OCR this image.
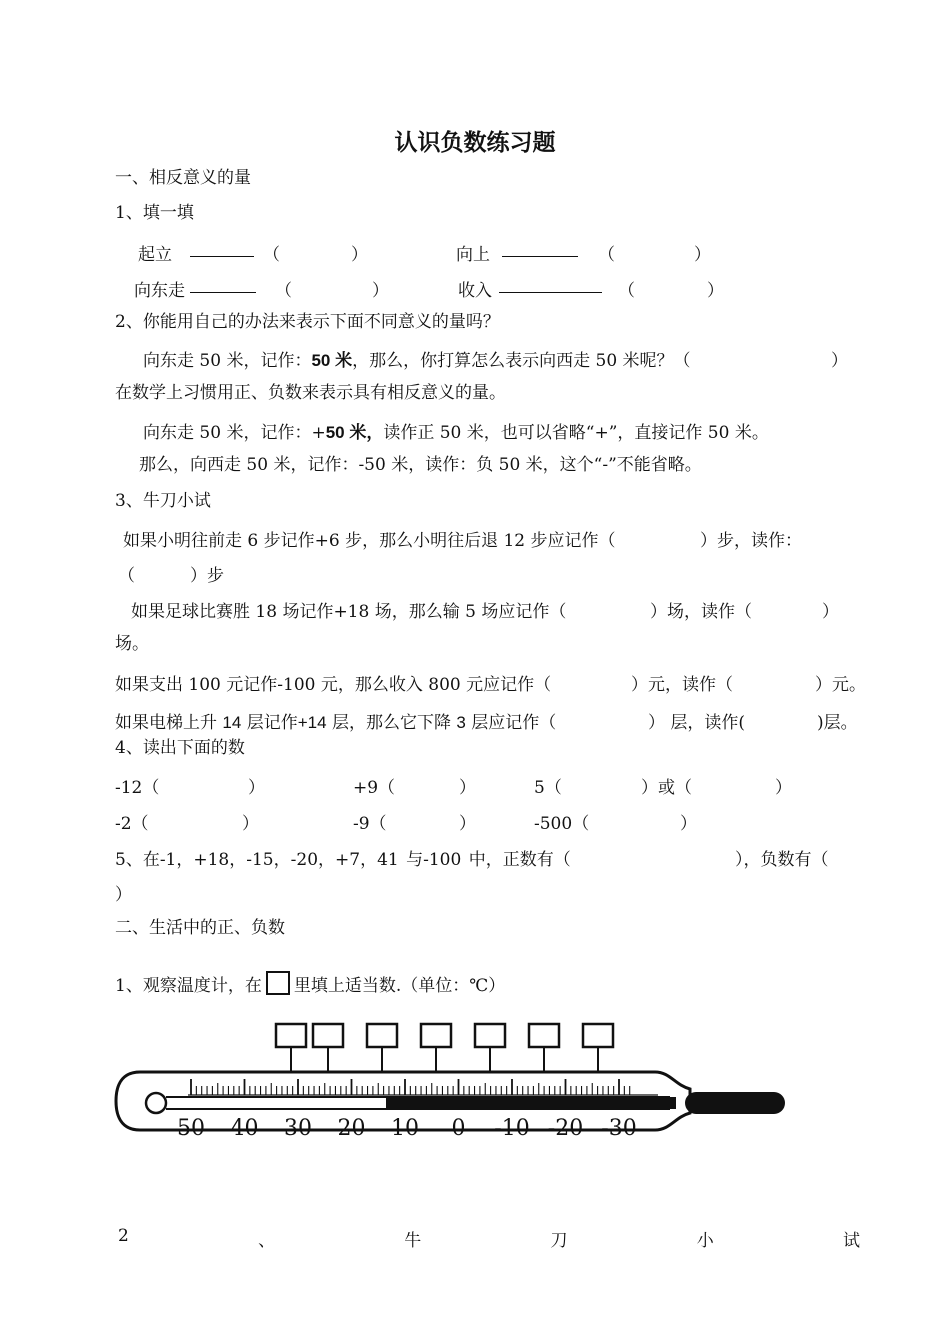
认识负数练习题
一、相反意义的量
1、填一填
起立	（	）	向上	（	）
向东走	（	）	收入	（	）
2、你能用自己的办法来表示下面不同意义的量吗？
向东走 50 米，记作：50 米，那么，你打算怎么表示向西走 50 米呢？（	）
在数学上习惯用正、负数来表示具有相反意义的量。
向东走 50 米，记作：+50 米，读作正 50 米，也可以省略“+”，直接记作 50 米。
那么，向西走 50 米，记作：-50 米，读作：负 50 米，这个“-”不能省略。
3、牛刀小试
如果小明往前走 6 步记作+6 步，那么小明往后退 12 步应记作（	）步，读作：
（	）步
如果足球比赛胜 18 场记作+18 场，那么输 5 场应记作（	）场，读作（	）
场。
如果支出 100 元记作-100 元，那么收入 800 元应记作（	）元，读作（	）元。
如果电梯上升 14 层记作+14 层，那么它下降 3 层应记作（	） 层，读作(	)层。
4、读出下面的数
-12（	）	+9（	）	5（	）或（	）
-2（	）	-9（	）	-500（	）
5、在-1，+18，-15，-20，+7，41 与-100 中，正数有（	），负数有（
）
二、生活中的正、负数
1、观察温度计，在 里填上适当数.（单位：℃）
50 40 30 20 10 0 -10 -20 -30
2	、	牛	刀	小	试
